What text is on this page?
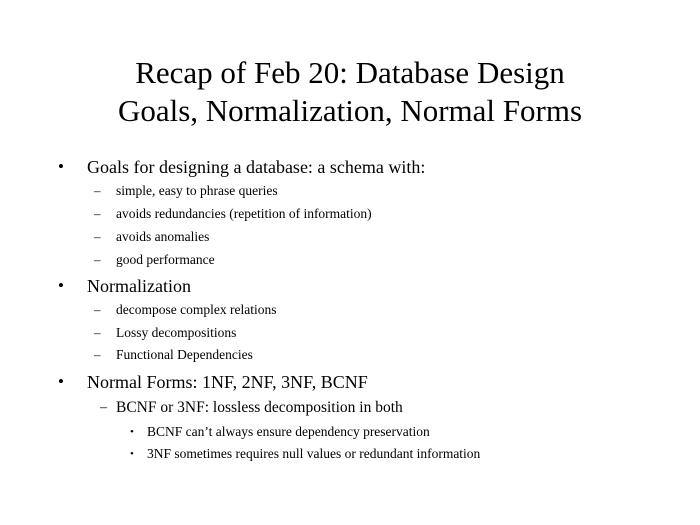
Recap of Feb 20: Database Design
Goals, Normalization, Normal Forms
• Goals for designing a database: a schema with:
– simple, easy to phrase queries
– avoids redundancies (repetition of information)
– avoids anomalies
– good performance
• Normalization
– decompose complex relations
– Lossy decompositions
– Functional Dependencies
• Normal Forms: 1NF, 2NF, 3NF, BCNF
– BCNF or 3NF: lossless decomposition in both
• BCNF can’t always ensure dependency preservation
• 3NF sometimes requires null values or redundant information
